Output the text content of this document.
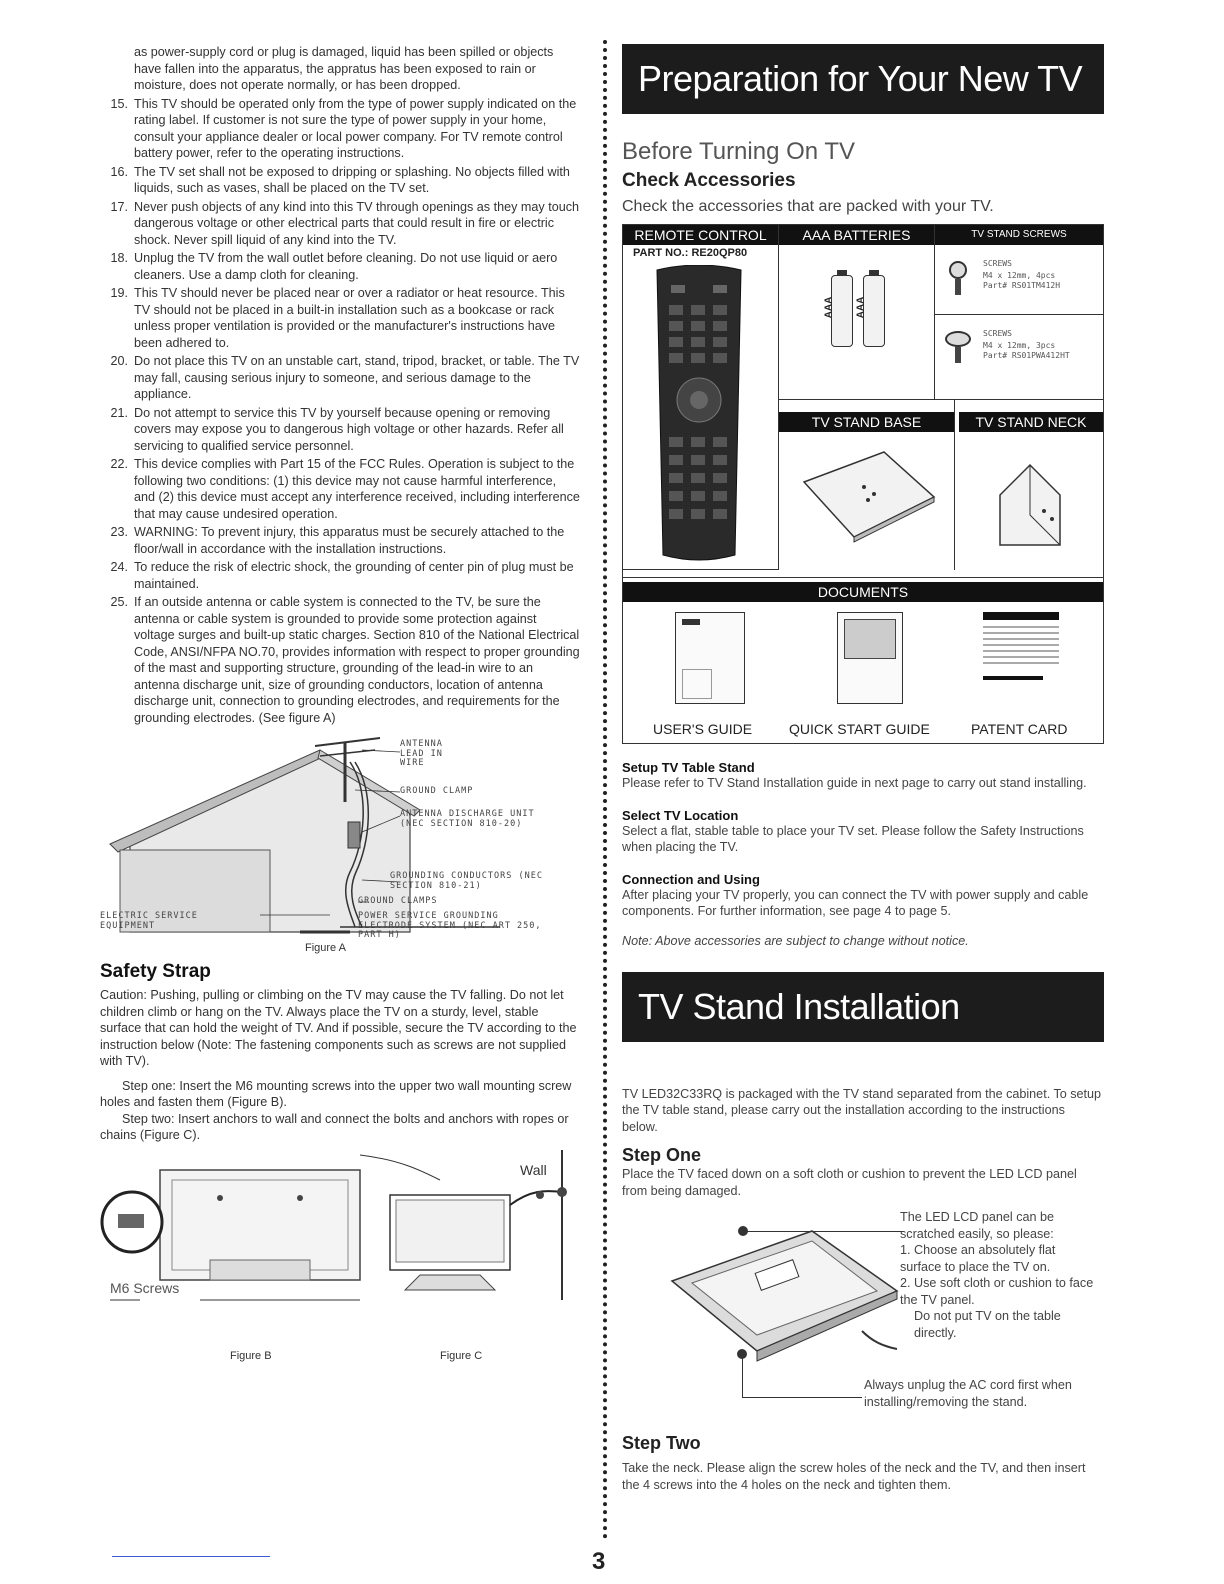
as power-supply cord or plug is damaged, liquid has been spilled or objects have fallen into the apparatus, the appratus has been exposed to rain or moisture, does not operate normally, or has been dropped.
15. This TV should be operated only from the type of power supply indicated on the rating label. If customer is not sure the type of power supply in your home, consult your appliance dealer or local power company. For TV remote control battery power, refer to the operating instructions.
16. The TV set shall not be exposed to dripping or splashing. No objects filled with liquids, such as vases, shall be placed on the TV set.
17. Never push objects of any kind into this TV through openings as they may touch dangerous voltage or other electrical parts that could result in fire or electric shock. Never spill liquid of any kind into the TV.
18. Unplug the TV from the wall outlet before cleaning. Do not use liquid or aero cleaners. Use a damp cloth for cleaning.
19. This TV should never be placed near or over a radiator or heat resource. This TV should not be placed in a built-in installation such as a bookcase or rack unless proper ventilation is provided or the manufacturer's instructions have been adhered to.
20. Do not place this TV on an unstable cart, stand, tripod, bracket, or table. The TV may fall, causing serious injury to someone, and serious damage to the appliance.
21. Do not attempt to service this TV by yourself because opening or removing covers may expose you to dangerous high voltage or other hazards. Refer all servicing to qualified service personnel.
22. This device complies with Part 15 of the FCC Rules. Operation is subject to the following two conditions: (1) this device may not cause harmful interference, and (2) this device must accept any interference received, including interference that may cause undesired operation.
23. WARNING: To prevent injury, this apparatus must be securely attached to the floor/wall in accordance with the installation instructions.
24. To reduce the risk of electric shock, the grounding of center pin of plug must be maintained.
25. If an outside antenna or cable system is connected to the TV, be sure the antenna or cable system is grounded to provide some protection against voltage surges and built-up static charges. Section 810 of the National Electrical Code, ANSI/NFPA NO.70, provides information with respect to proper grounding of the mast and supporting structure, grounding of the lead-in wire to an antenna discharge unit, size of grounding conductors, location of antenna discharge unit, connection to grounding electrodes, and requirements for the grounding electrodes. (See figure A)
ANTENNA LEAD IN WIRE
GROUND CLAMP
ANTENNA DISCHARGE UNIT (NEC SECTION 810-20)
GROUNDING CONDUCTORS (NEC SECTION 810-21)
GROUND CLAMPS
ELECTRIC SERVICE EQUIPMENT
POWER SERVICE GROUNDING ELECTRODE SYSTEM (NEC ART 250, PART H)
Figure A
Safety Strap

Caution: Pushing, pulling or climbing on the TV may cause the TV falling. Do not let children climb or hang on the TV. Always place the TV on a sturdy, level, stable surface that can hold the weight of TV. And if possible, secure the TV according to the instruction below (Note: The fastening components such as screws are not supplied with TV).

Step one: Insert the M6 mounting screws into the upper two wall mounting screw holes and fasten them (Figure B).

Step two: Insert anchors to wall and connect the bolts and anchors with ropes or chains (Figure C).

Wall
M6 Screws
Figure B	Figure C
Preparation for Your New TV
Before Turning On TV
Check Accessories

Check the accessories that are packed with your TV.

REMOTE CONTROL
PART NO.: RE20QP80
AAA BATTERIES
AAA AAA
TV STAND SCREWS
SCREWS
M4 x 12mm, 4pcs
Part# RS01TM412H
SCREWS
M4 x 12mm, 3pcs
Part# RS01PWA412HT
TV STAND BASE	TV STAND NECK
DOCUMENTS
USER'S GUIDE	QUICK START GUIDE	PATENT CARD
Setup TV Table Stand

Please refer to TV Stand Installation guide in next page to carry out stand installing.

Select TV Location

Select a flat, stable table to place your TV set. Please follow the Safety Instructions when placing the TV.

Connection and Using

After placing your TV properly, you can connect the TV with power supply and cable components. For further information, see page 4 to page 5.

Note: Above accessories are subject to change without notice.

TV Stand Installation

TV LED32C33RQ is packaged with the TV stand separated from the cabinet. To setup the TV table stand, please carry out the installation according to the instructions below.

Step One

Place the TV faced down on a soft cloth or cushion to prevent the LED LCD panel from being damaged.

The LED LCD panel can be scratched easily, so please:
1. Choose an absolutely flat surface to place the TV on.
2. Use soft cloth or cushion to face the TV panel.
Do not put TV on the table directly.
Always unplug the AC cord first when installing/removing the stand.
Step Two

Take the neck. Please align the screw holes of the neck and the TV, and then insert the 4 screws into the 4 holes on the neck and tighten them.

3
